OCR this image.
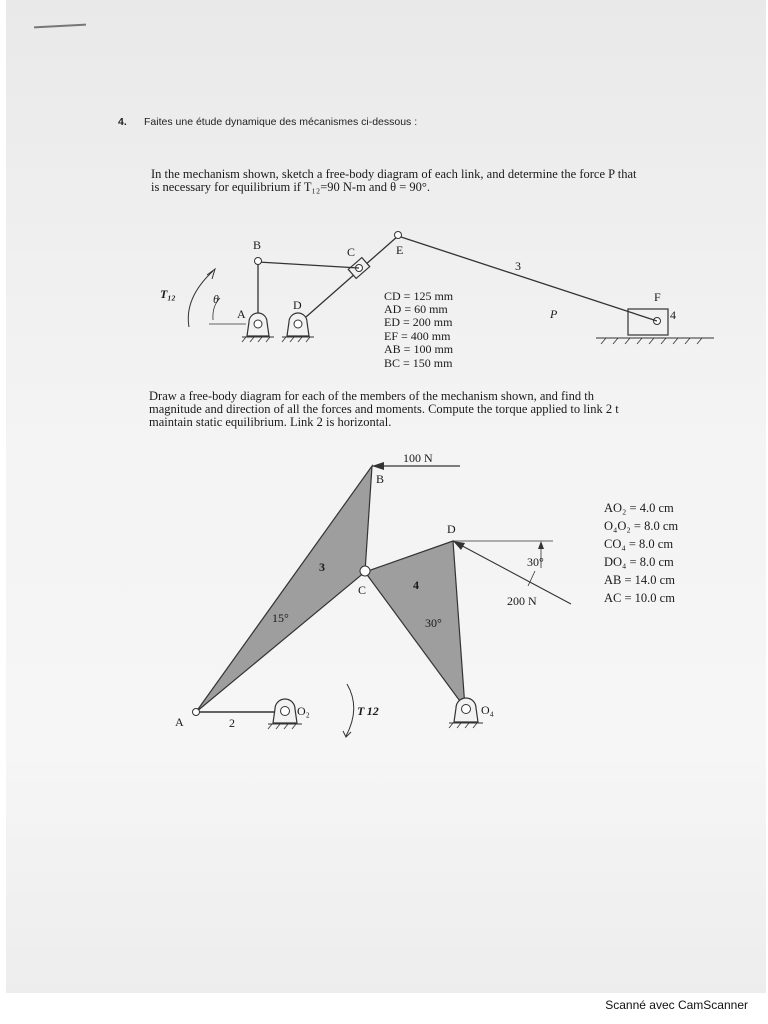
4. Faites une étude dynamique des mécanismes ci-dessous :
In the mechanism shown, sketch a free-body diagram of each link, and determine the force P that
is necessary for equilibrium if T₁₂=90 N-m and θ = 90°.
B	C	E
D
A
F
3
4
P
θ
T₁₂	CD = 125 mm
AD = 60 mm
ED = 200 mm
EF = 400 mm
AB = 100 mm
BC = 150 mm
Draw a free-body diagram for each of the members of the mechanism shown, and find th
magnitude and direction of all the forces and moments. Compute the torque applied to link 2 t
maintain static equilibrium. Link 2 is horizontal.
100 N
B
D
C
3
4
15°	30°
30°
200 N
A	2
O₂	O₄
T 12
AO₂ = 4.0 cm
O₄O₂ = 8.0 cm
CO₄ = 8.0 cm
DO₄ = 8.0 cm
AB = 14.0 cm
AC = 10.0 cm
Scanné avec CamScanner
